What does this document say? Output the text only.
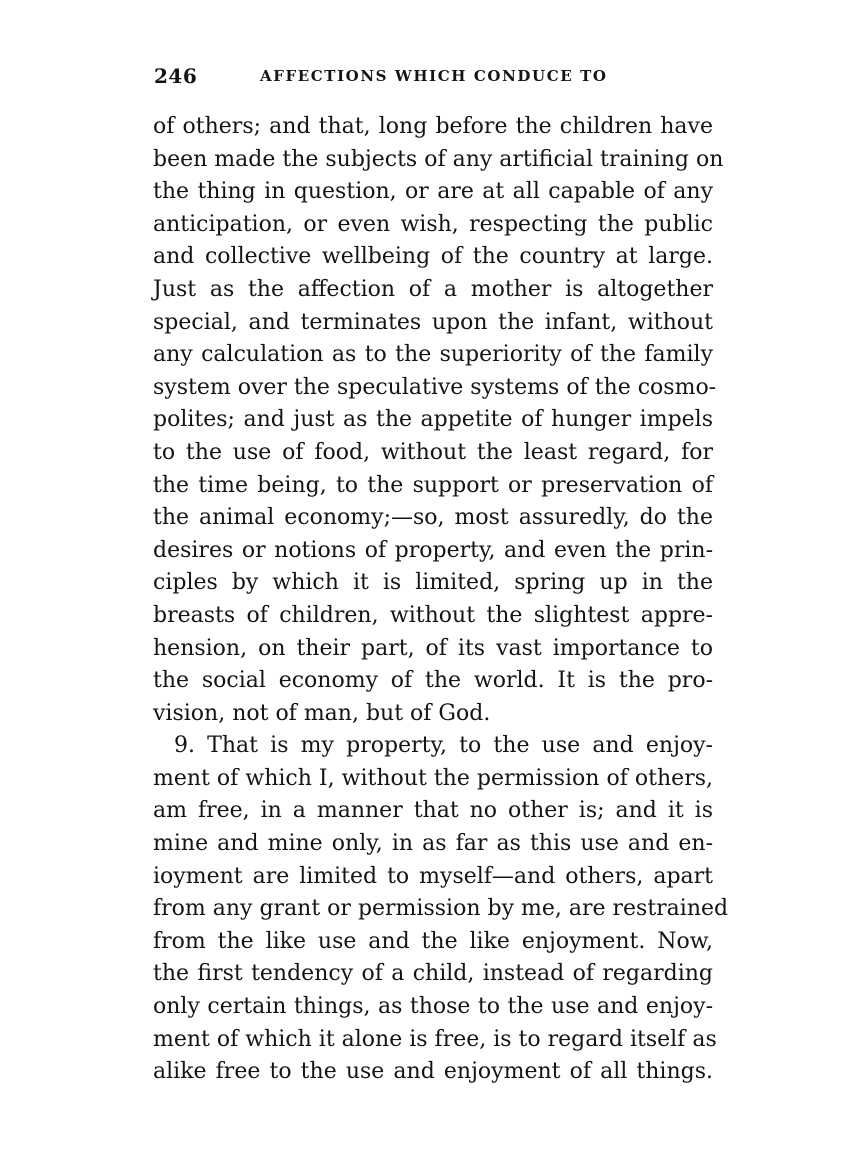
246	AFFECTIONS WHICH CONDUCE TO
of others; and that, long before the children have
been made the subjects of any artificial training on
the thing in question, or are at all capable of any
anticipation, or even wish, respecting the public
and collective wellbeing of the country at large.
Just as the affection of a mother is altogether
special, and terminates upon the infant, without
any calculation as to the superiority of the family
system over the speculative systems of the cosmo-
polites; and just as the appetite of hunger impels
to the use of food, without the least regard, for
the time being, to the support or preservation of
the animal economy;—so, most assuredly, do the
desires or notions of property, and even the prin-
ciples by which it is limited, spring up in the
breasts of children, without the slightest appre-
hension, on their part, of its vast importance to
the social economy of the world. It is the pro-
vision, not of man, but of God.
9. That is my property, to the use and enjoy-
ment of which I, without the permission of others,
am free, in a manner that no other is; and it is
mine and mine only, in as far as this use and en-
ioyment are limited to myself—and others, apart
from any grant or permission by me, are restrained
from the like use and the like enjoyment. Now,
the first tendency of a child, instead of regarding
only certain things, as those to the use and enjoy-
ment of which it alone is free, is to regard itself as
alike free to the use and enjoyment of all things.
